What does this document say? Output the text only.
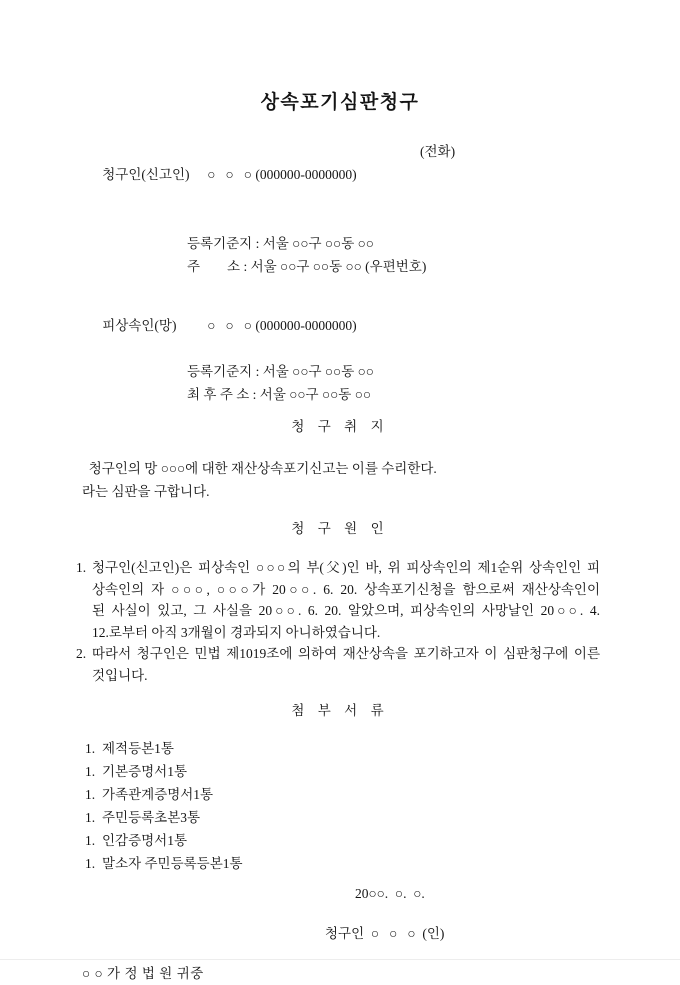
상속포기심판청구

청구인(신고인) ○   ○   ○ (000000-0000000)

(전화)

등록기준지 : 서울 ○○구 ○○동 ○○
주        소 : 서울 ○○구 ○○동 ○○ (우편번호)

피상속인(망) ○   ○   ○ (000000-0000000)

등록기준지 : 서울 ○○구 ○○동 ○○
최 후 주 소 : 서울 ○○구 ○○동 ○○
청 구 취 지
청구인의 망 ○○○에 대한 재산상속포기신고는 이를 수리한다.
라는 심판을 구합니다.
청 구 원 인
1. 청구인(신고인)은 피상속인 ○○○의 부(父)인 바, 위 피상속인의 제1순위 상속인인 피
상속인의 자 ○○○, ○○○가 20○○. 6. 20. 상속포기신청을 함으로써 재산상속인이
된 사실이 있고, 그 사실을 20○○. 6. 20. 알았으며, 피상속인의 사망날인 20○○. 4.
12.로부터 아직 3개월이 경과되지 아니하였습니다.
2. 따라서 청구인은 민법 제1019조에 의하여 재산상속을 포기하고자 이 심판청구에 이른
것입니다.
첨 부 서 류
1. 제적등본1통
1. 기본증명서1통
1. 가족관계증명서1통
1. 주민등록초본3통
1. 인감증명서1통
1. 말소자 주민등록등본1통
20○○.  ○.  ○.
청구인  ○   ○   ○  (인)
○ ○ 가 정 법 원 귀중
